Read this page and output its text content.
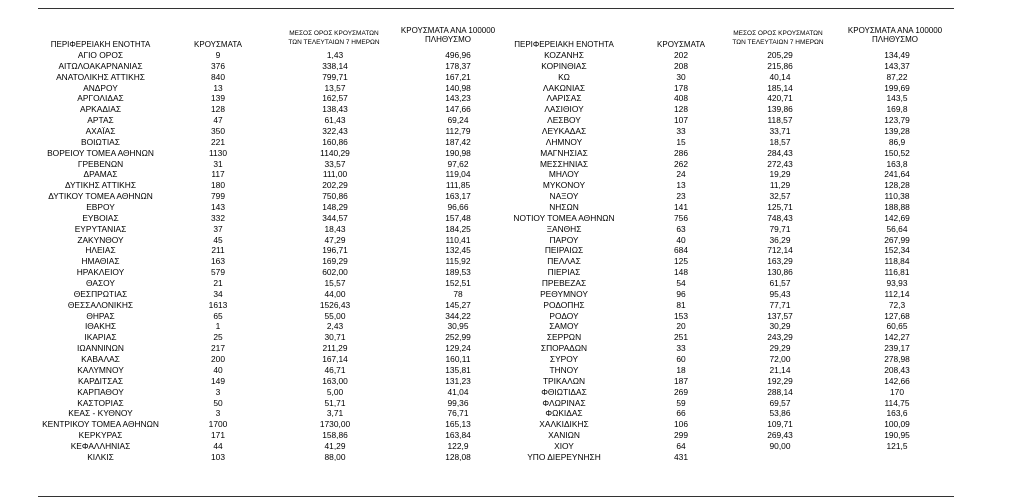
ΠΕΡΙΦΕΡΕΙΑΚΗ ΕΝΟΤΗΤΑ	ΚΡΟΥΣΜΑΤΑ
ΜΕΣΟΣ ΟΡΟΣ ΚΡΟΥΣΜΑΤΩΝ
ΤΩΝ ΤΕΛΕΥΤΑΙΩΝ 7 ΗΜΕΡΩΝ
ΚΡΟΥΣΜΑΤΑ ΑΝΑ 100000
ΠΛΗΘΥΣΜΟ
ΑΓΙΟ ΟΡΟΣ	9	1,43	496,96
ΑΙΤΩΛΟΑΚΑΡΝΑΝΙΑΣ	376	338,14	178,37
ΑΝΑΤΟΛΙΚΗΣ ΑΤΤΙΚΗΣ	840	799,71	167,21
ΑΝΔΡΟΥ	13	13,57	140,98
ΑΡΓΟΛΙΔΑΣ	139	162,57	143,23
ΑΡΚΑΔΙΑΣ	128	138,43	147,66
ΑΡΤΑΣ	47	61,43	69,24
ΑΧΑΪΑΣ	350	322,43	112,79
ΒΟΙΩΤΙΑΣ	221	160,86	187,42
ΒΟΡΕΙΟΥ ΤΟΜΕΑ ΑΘΗΝΩΝ	1130	1140,29	190,98
ΓΡΕΒΕΝΩΝ	31	33,57	97,62
ΔΡΑΜΑΣ	117	111,00	119,04
ΔΥΤΙΚΗΣ ΑΤΤΙΚΗΣ	180	202,29	111,85
ΔΥΤΙΚΟΥ ΤΟΜΕΑ ΑΘΗΝΩΝ	799	750,86	163,17
ΕΒΡΟΥ	143	148,29	96,66
ΕΥΒΟΙΑΣ	332	344,57	157,48
ΕΥΡΥΤΑΝΙΑΣ	37	18,43	184,25
ΖΑΚΥΝΘΟΥ	45	47,29	110,41
ΗΛΕΙΑΣ	211	196,71	132,45
ΗΜΑΘΙΑΣ	163	169,29	115,92
ΗΡΑΚΛΕΙΟΥ	579	602,00	189,53
ΘΑΣΟΥ	21	15,57	152,51
ΘΕΣΠΡΩΤΙΑΣ	34	44,00	78
ΘΕΣΣΑΛΟΝΙΚΗΣ	1613	1526,43	145,27
ΘΗΡΑΣ	65	55,00	344,22
ΙΘΑΚΗΣ	1	2,43	30,95
ΙΚΑΡΙΑΣ	25	30,71	252,99
ΙΩΑΝΝΙΝΩΝ	217	211,29	129,24
ΚΑΒΑΛΑΣ	200	167,14	160,11
ΚΑΛΥΜΝΟΥ	40	46,71	135,81
ΚΑΡΔΙΤΣΑΣ	149	163,00	131,23
ΚΑΡΠΑΘΟΥ	3	5,00	41,04
ΚΑΣΤΟΡΙΑΣ	50	51,71	99,36
ΚΕΑΣ - ΚΥΘΝΟΥ	3	3,71	76,71
ΚΕΝΤΡΙΚΟΥ ΤΟΜΕΑ ΑΘΗΝΩΝ	1700	1730,00	165,13
ΚΕΡΚΥΡΑΣ	171	158,86	163,84
ΚΕΦΑΛΛΗΝΙΑΣ	44	41,29	122,9
ΚΙΛΚΙΣ	103	88,00	128,08
ΠΕΡΙΦΕΡΕΙΑΚΗ ΕΝΟΤΗΤΑ	ΚΡΟΥΣΜΑΤΑ
ΜΕΣΟΣ ΟΡΟΣ ΚΡΟΥΣΜΑΤΩΝ
ΤΩΝ ΤΕΛΕΥΤΑΙΩΝ 7 ΗΜΕΡΩΝ
ΚΡΟΥΣΜΑΤΑ ΑΝΑ 100000
ΠΛΗΘΥΣΜΟ
ΚΟΖΑΝΗΣ	202	205,29	134,49
ΚΟΡΙΝΘΙΑΣ	208	215,86	143,37
ΚΩ	30	40,14	87,22
ΛΑΚΩΝΙΑΣ	178	185,14	199,69
ΛΑΡΙΣΑΣ	408	420,71	143,5
ΛΑΣΙΘΙΟΥ	128	139,86	169,8
ΛΕΣΒΟΥ	107	118,57	123,79
ΛΕΥΚΑΔΑΣ	33	33,71	139,28
ΛΗΜΝΟΥ	15	18,57	86,9
ΜΑΓΝΗΣΙΑΣ	286	284,43	150,52
ΜΕΣΣΗΝΙΑΣ	262	272,43	163,8
ΜΗΛΟΥ	24	19,29	241,64
ΜΥΚΟΝΟΥ	13	11,29	128,28
ΝΑΞΟΥ	23	32,57	110,38
ΝΗΣΩΝ	141	125,71	188,88
ΝΟΤΙΟΥ ΤΟΜΕΑ ΑΘΗΝΩΝ	756	748,43	142,69
ΞΑΝΘΗΣ	63	79,71	56,64
ΠΑΡΟΥ	40	36,29	267,99
ΠΕΙΡΑΙΩΣ	684	712,14	152,34
ΠΕΛΛΑΣ	125	163,29	118,84
ΠΙΕΡΙΑΣ	148	130,86	116,81
ΠΡΕΒΕΖΑΣ	54	61,57	93,93
ΡΕΘΥΜΝΟΥ	96	95,43	112,14
ΡΟΔΟΠΗΣ	81	77,71	72,3
ΡΟΔΟΥ	153	137,57	127,68
ΣΑΜΟΥ	20	30,29	60,65
ΣΕΡΡΩΝ	251	243,29	142,27
ΣΠΟΡΑΔΩΝ	33	29,29	239,17
ΣΥΡΟΥ	60	72,00	278,98
ΤΗΝΟΥ	18	21,14	208,43
ΤΡΙΚΑΛΩΝ	187	192,29	142,66
ΦΘΙΩΤΙΔΑΣ	269	288,14	170
ΦΛΩΡΙΝΑΣ	59	69,57	114,75
ΦΩΚΙΔΑΣ	66	53,86	163,6
ΧΑΛΚΙΔΙΚΗΣ	106	109,71	100,09
ΧΑΝΙΩΝ	299	269,43	190,95
ΧΙΟΥ	64	90,00	121,5
ΥΠΟ ΔΙΕΡΕΥΝΗΣΗ	431
